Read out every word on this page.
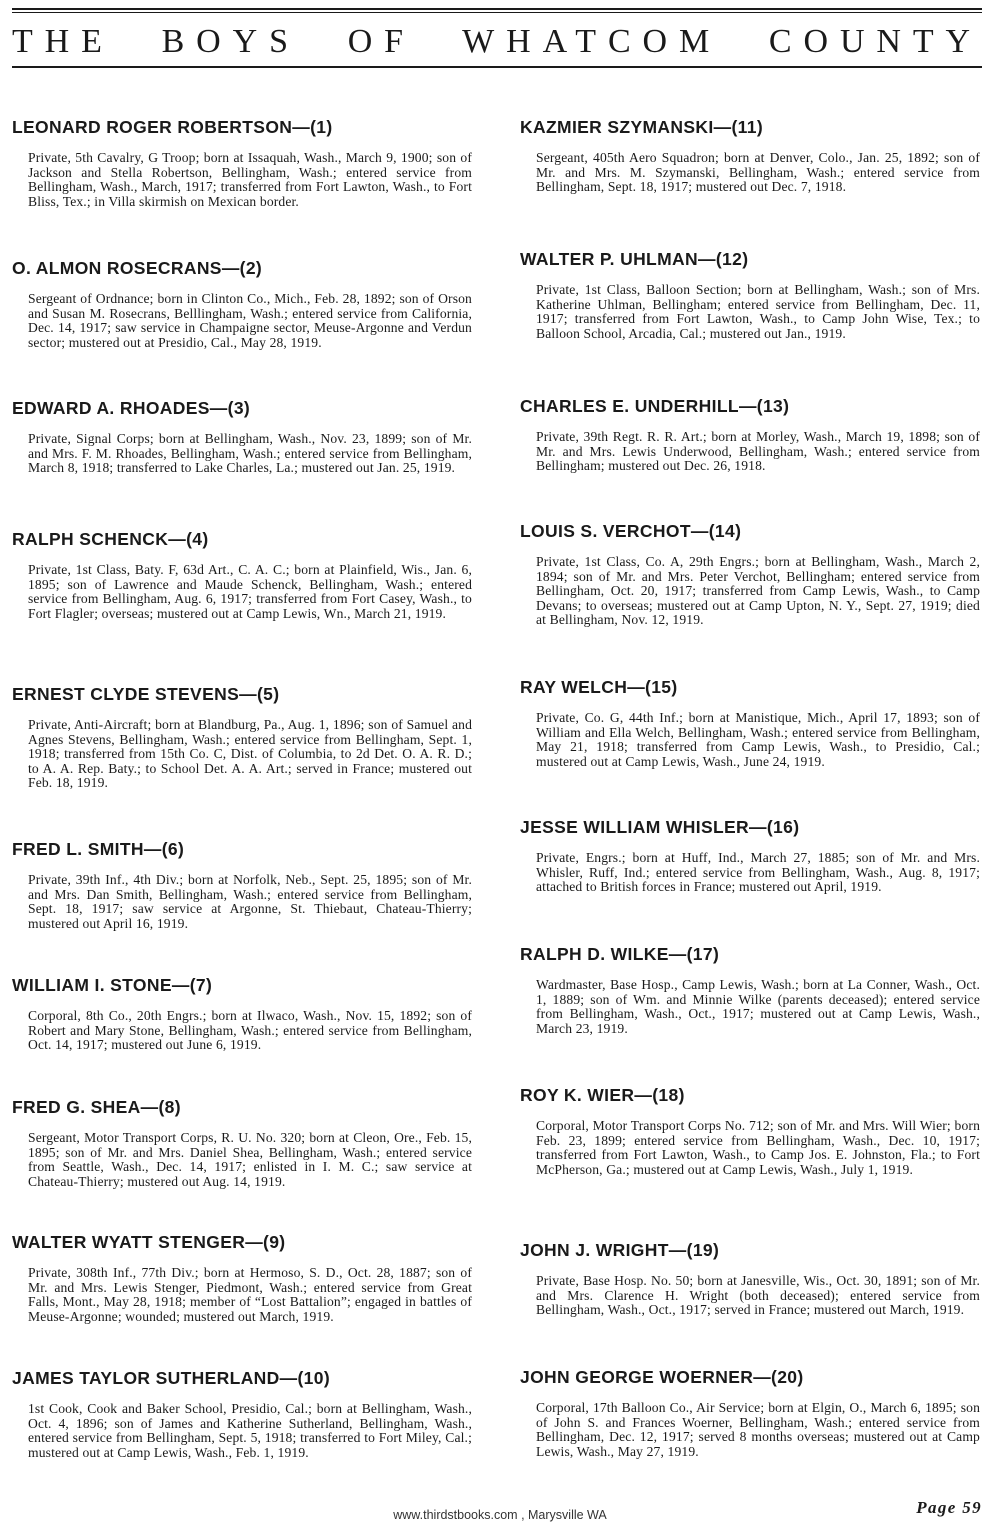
THE BOYS OF WHATCOM COUNTY
LEONARD ROGER ROBERTSON—(1)
Private, 5th Cavalry, G Troop; born at Issaquah, Wash., March 9, 1900; son of Jackson and Stella Robertson, Bellingham, Wash.; entered service from Bellingham, Wash., March, 1917; transferred from Fort Lawton, Wash., to Fort Bliss, Tex.; in Villa skirmish on Mexican border.
O. ALMON ROSECRANS—(2)
Sergeant of Ordnance; born in Clinton Co., Mich., Feb. 28, 1892; son of Orson and Susan M. Rosecrans, Belllingham, Wash.; entered service from California, Dec. 14, 1917; saw service in Champaigne sector, Meuse-Argonne and Verdun sector; mustered out at Presidio, Cal., May 28, 1919.
EDWARD A. RHOADES—(3)
Private, Signal Corps; born at Bellingham, Wash., Nov. 23, 1899; son of Mr. and Mrs. F. M. Rhoades, Bellingham, Wash.; entered service from Bellingham, March 8, 1918; transferred to Lake Charles, La.; mustered out Jan. 25, 1919.
RALPH SCHENCK—(4)
Private, 1st Class, Baty. F, 63d Art., C. A. C.; born at Plainfield, Wis., Jan. 6, 1895; son of Lawrence and Maude Schenck, Bellingham, Wash.; entered service from Bellingham, Aug. 6, 1917; transferred from Fort Casey, Wash., to Fort Flagler; overseas; mustered out at Camp Lewis, Wn., March 21, 1919.
ERNEST CLYDE STEVENS—(5)
Private, Anti-Aircraft; born at Blandburg, Pa., Aug. 1, 1896; son of Samuel and Agnes Stevens, Bellingham, Wash.; entered service from Bellingham, Sept. 1, 1918; transferred from 15th Co. C, Dist. of Columbia, to 2d Det. O. A. R. D.; to A. A. Rep. Baty.; to School Det. A. A. Art.; served in France; mustered out Feb. 18, 1919.
FRED L. SMITH—(6)
Private, 39th Inf., 4th Div.; born at Norfolk, Neb., Sept. 25, 1895; son of Mr. and Mrs. Dan Smith, Bellingham, Wash.; entered service from Bellingham, Sept. 18, 1917; saw service at Argonne, St. Thiebaut, Chateau-Thierry; mustered out April 16, 1919.
WILLIAM I. STONE—(7)
Corporal, 8th Co., 20th Engrs.; born at Ilwaco, Wash., Nov. 15, 1892; son of Robert and Mary Stone, Bellingham, Wash.; entered service from Bellingham, Oct. 14, 1917; mustered out June 6, 1919.
FRED G. SHEA—(8)
Sergeant, Motor Transport Corps, R. U. No. 320; born at Cleon, Ore., Feb. 15, 1895; son of Mr. and Mrs. Daniel Shea, Bellingham, Wash.; entered service from Seattle, Wash., Dec. 14, 1917; enlisted in I. M. C.; saw service at Chateau-Thierry; mustered out Aug. 14, 1919.
WALTER WYATT STENGER—(9)
Private, 308th Inf., 77th Div.; born at Hermoso, S. D., Oct. 28, 1887; son of Mr. and Mrs. Lewis Stenger, Piedmont, Wash.; entered service from Great Falls, Mont., May 28, 1918; member of “Lost Battalion”; engaged in battles of Meuse-Argonne; wounded; mustered out March, 1919.
JAMES TAYLOR SUTHERLAND—(10)
1st Cook, Cook and Baker School, Presidio, Cal.; born at Bellingham, Wash., Oct. 4, 1896; son of James and Katherine Sutherland, Bellingham, Wash., entered service from Bellingham, Sept. 5, 1918; transferred to Fort Miley, Cal.; mustered out at Camp Lewis, Wash., Feb. 1, 1919.
KAZMIER SZYMANSKI—(11)
Sergeant, 405th Aero Squadron; born at Denver, Colo., Jan. 25, 1892; son of Mr. and Mrs. M. Szymanski, Bellingham, Wash.; entered service from Bellingham, Sept. 18, 1917; mustered out Dec. 7, 1918.
WALTER P. UHLMAN—(12)
Private, 1st Class, Balloon Section; born at Bellingham, Wash.; son of Mrs. Katherine Uhlman, Bellingham; entered service from Bellingham, Dec. 11, 1917; transferred from Fort Lawton, Wash., to Camp John Wise, Tex.; to Balloon School, Arcadia, Cal.; mustered out Jan., 1919.
CHARLES E. UNDERHILL—(13)
Private, 39th Regt. R. R. Art.; born at Morley, Wash., March 19, 1898; son of Mr. and Mrs. Lewis Underwood, Bellingham, Wash.; entered service from Bellingham; mustered out Dec. 26, 1918.
LOUIS S. VERCHOT—(14)
Private, 1st Class, Co. A, 29th Engrs.; born at Bellingham, Wash., March 2, 1894; son of Mr. and Mrs. Peter Verchot, Bellingham; entered service from Bellingham, Oct. 20, 1917; transferred from Camp Lewis, Wash., to Camp Devans; to overseas; mustered out at Camp Upton, N. Y., Sept. 27, 1919; died at Bellingham, Nov. 12, 1919.
RAY WELCH—(15)
Private, Co. G, 44th Inf.; born at Manistique, Mich., April 17, 1893; son of William and Ella Welch, Bellingham, Wash.; entered service from Bellingham, May 21, 1918; transferred from Camp Lewis, Wash., to Presidio, Cal.; mustered out at Camp Lewis, Wash., June 24, 1919.
JESSE WILLIAM WHISLER—(16)
Private, Engrs.; born at Huff, Ind., March 27, 1885; son of Mr. and Mrs. Whisler, Ruff, Ind.; entered service from Bellingham, Wash., Aug. 8, 1917; attached to British forces in France; mustered out April, 1919.
RALPH D. WILKE—(17)
Wardmaster, Base Hosp., Camp Lewis, Wash.; born at La Conner, Wash., Oct. 1, 1889; son of Wm. and Minnie Wilke (parents deceased); entered service from Bellingham, Wash., Oct., 1917; mustered out at Camp Lewis, Wash., March 23, 1919.
ROY K. WIER—(18)
Corporal, Motor Transport Corps No. 712; son of Mr. and Mrs. Will Wier; born Feb. 23, 1899; entered service from Bellingham, Wash., Dec. 10, 1917; transferred from Fort Lawton, Wash., to Camp Jos. E. Johnston, Fla.; to Fort McPherson, Ga.; mustered out at Camp Lewis, Wash., July 1, 1919.
JOHN J. WRIGHT—(19)
Private, Base Hosp. No. 50; born at Janesville, Wis., Oct. 30, 1891; son of Mr. and Mrs. Clarence H. Wright (both deceased); entered service from Bellingham, Wash., Oct., 1917; served in France; mustered out March, 1919.
JOHN GEORGE WOERNER—(20)
Corporal, 17th Balloon Co., Air Service; born at Elgin, O., March 6, 1895; son of John S. and Frances Woerner, Bellingham, Wash.; entered service from Bellingham, Dec. 12, 1917; served 8 months overseas; mustered out at Camp Lewis, Wash., May 27, 1919.
www.thirdstbooks.com , Marysville WA	Page 59
